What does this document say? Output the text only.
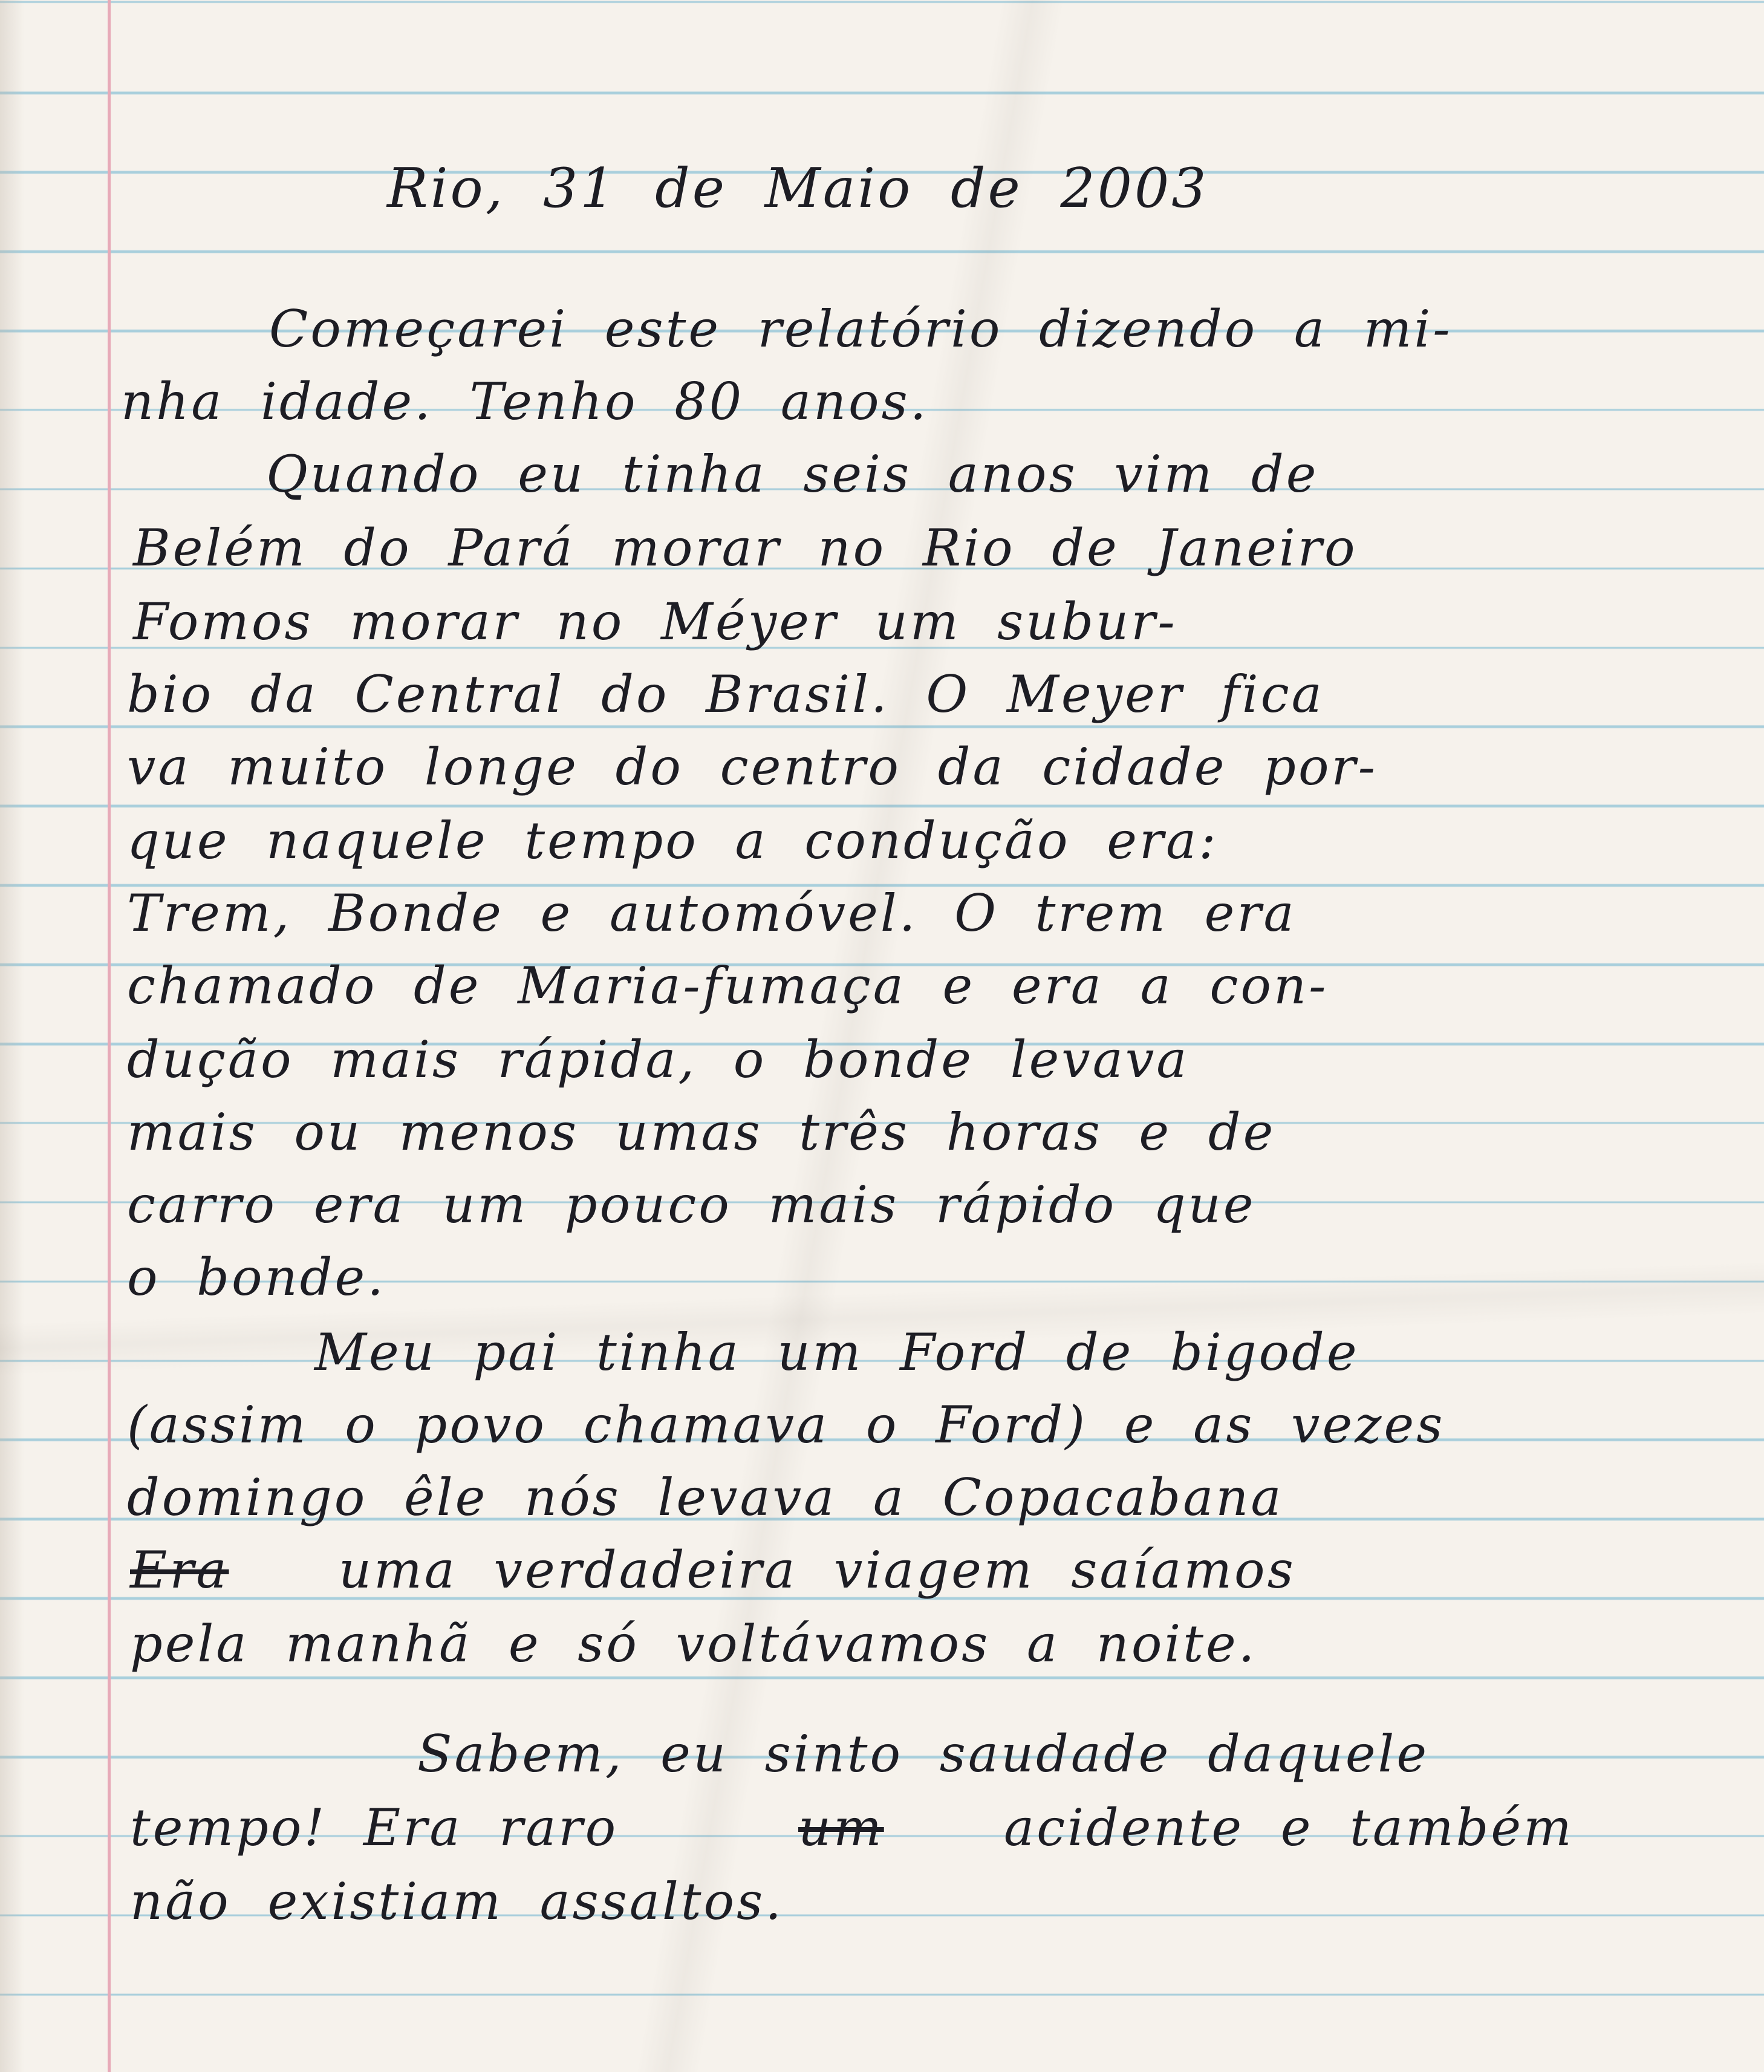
Rio, 31 de Maio de 2003

Começarei este relatório dizendo a mi-

nha idade. Tenho 80 anos.

Quando eu tinha seis anos vim de

Belém do Pará morar no Rio de Janeiro

Fomos morar no Méyer um subur-

bio da Central do Brasil. O Meyer fica

va muito longe do centro da cidade por-

que naquele tempo a condução era:

Trem, Bonde e automóvel. O trem era

chamado de Maria-fumaça e era a con-

dução mais rápida, o bonde levava

mais ou menos umas três horas e de

carro era um pouco mais rápido que

o bonde.

Meu pai tinha um Ford de bigode

(assim o povo chamava o Ford) e as vezes

domingo êle nós levava a Copacabana

Era uma verdadeira viagem saíamos

pela manhã e só voltávamos a noite.

Sabem, eu sinto saudade daquele

tempo! Era raro	um acidente e também

não existiam assaltos.
